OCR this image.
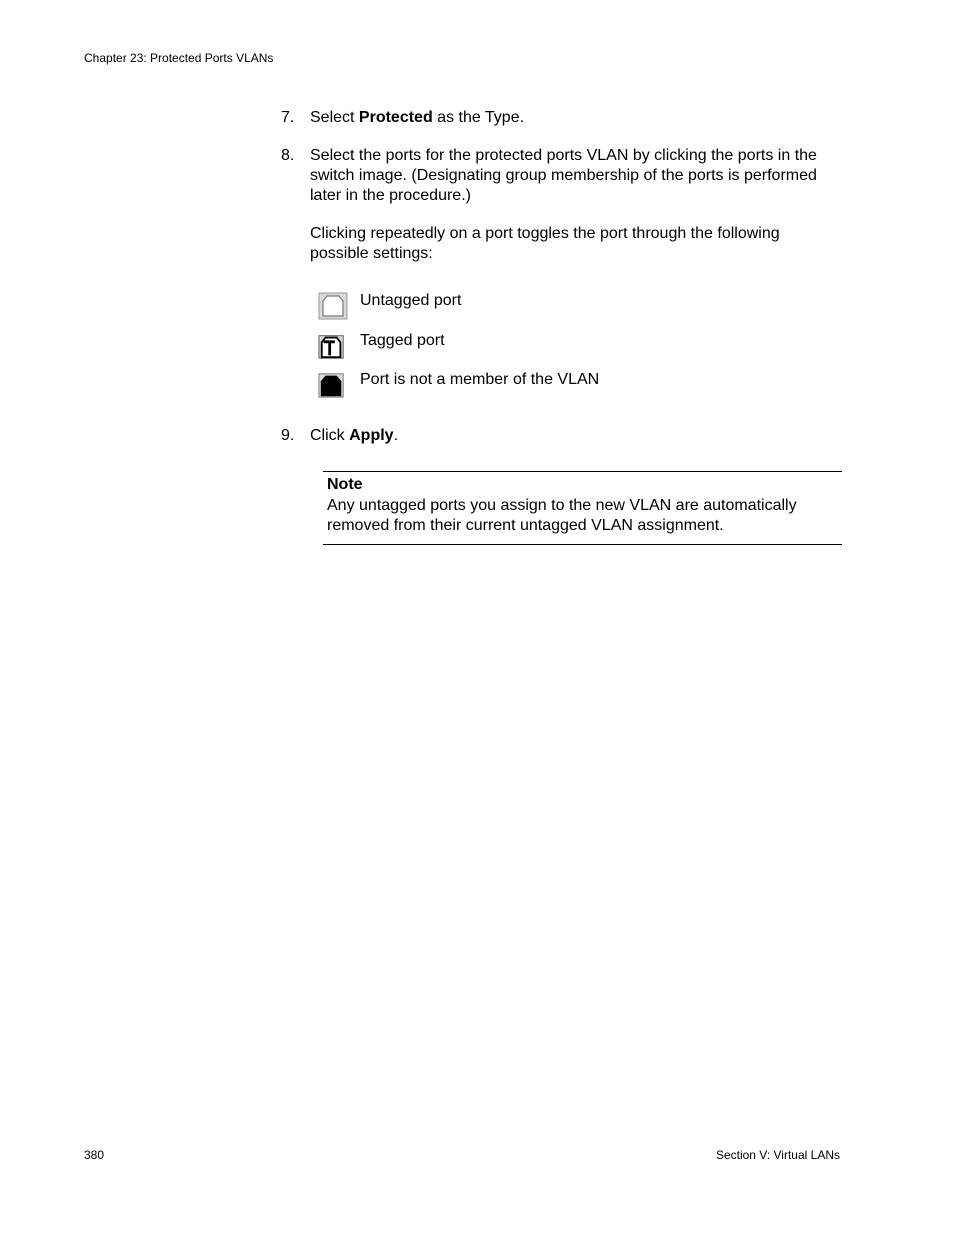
Chapter 23: Protected Ports VLANs
7. Select Protected as the Type.
8. Select the ports for the protected ports VLAN by clicking the ports in the switch image. (Designating group membership of the ports is performed later in the procedure.)
Clicking repeatedly on a port toggles the port through the following possible settings:
Untagged port
Tagged port
Port is not a member of the VLAN
9. Click Apply.
Note
Any untagged ports you assign to the new VLAN are automatically removed from their current untagged VLAN assignment.
380	Section V: Virtual LANs
